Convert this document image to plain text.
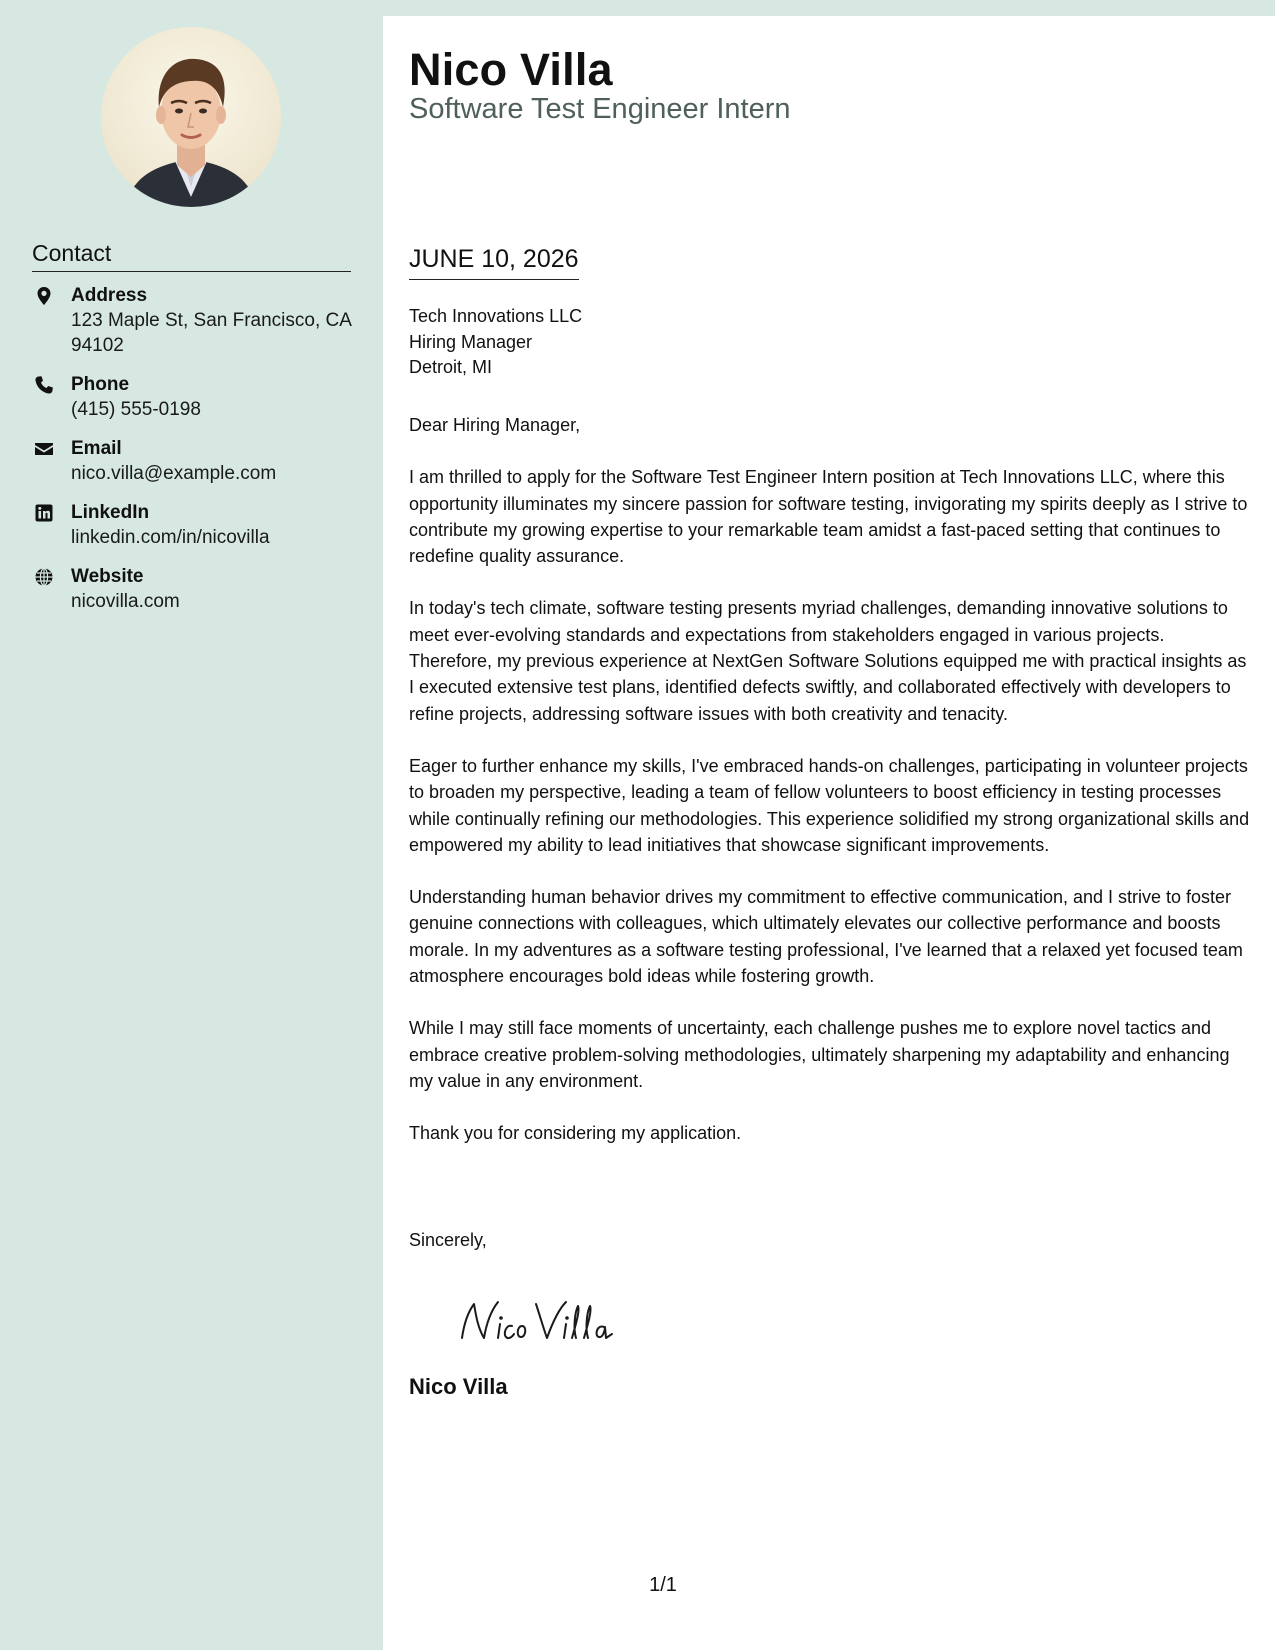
Contact
Address
123 Maple St, San Francisco, CA 94102
Phone
(415) 555-0198
Email
nico.villa@example.com
LinkedIn
linkedin.com/in/nicovilla
Website
nicovilla.com
Nico Villa
Software Test Engineer Intern
JUNE 10, 2026
Tech Innovations LLC
Hiring Manager
Detroit, MI

Dear Hiring Manager,

I am thrilled to apply for the Software Test Engineer Intern position at Tech Innovations LLC, where this opportunity illuminates my sincere passion for software testing, invigorating my spirits deeply as I strive to contribute my growing expertise to your remarkable team amidst a fast-paced setting that continues to redefine quality assurance.

In today's tech climate, software testing presents myriad challenges, demanding innovative solutions to meet ever-evolving standards and expectations from stakeholders engaged in various projects. Therefore, my previous experience at NextGen Software Solutions equipped me with practical insights as I executed extensive test plans, identified defects swiftly, and collaborated effectively with developers to refine projects, addressing software issues with both creativity and tenacity.

Eager to further enhance my skills, I've embraced hands-on challenges, participating in volunteer projects to broaden my perspective, leading a team of fellow volunteers to boost efficiency in testing processes while continually refining our methodologies. This experience solidified my strong organizational skills and empowered my ability to lead initiatives that showcase significant improvements.

Understanding human behavior drives my commitment to effective communication, and I strive to foster genuine connections with colleagues, which ultimately elevates our collective performance and boosts morale. In my adventures as a software testing professional, I've learned that a relaxed yet focused team atmosphere encourages bold ideas while fostering growth.

While I may still face moments of uncertainty, each challenge pushes me to explore novel tactics and embrace creative problem-solving methodologies, ultimately sharpening my adaptability and enhancing my value in any environment.

Thank you for considering my application.

Sincerely,
Nico Villa
1/1
